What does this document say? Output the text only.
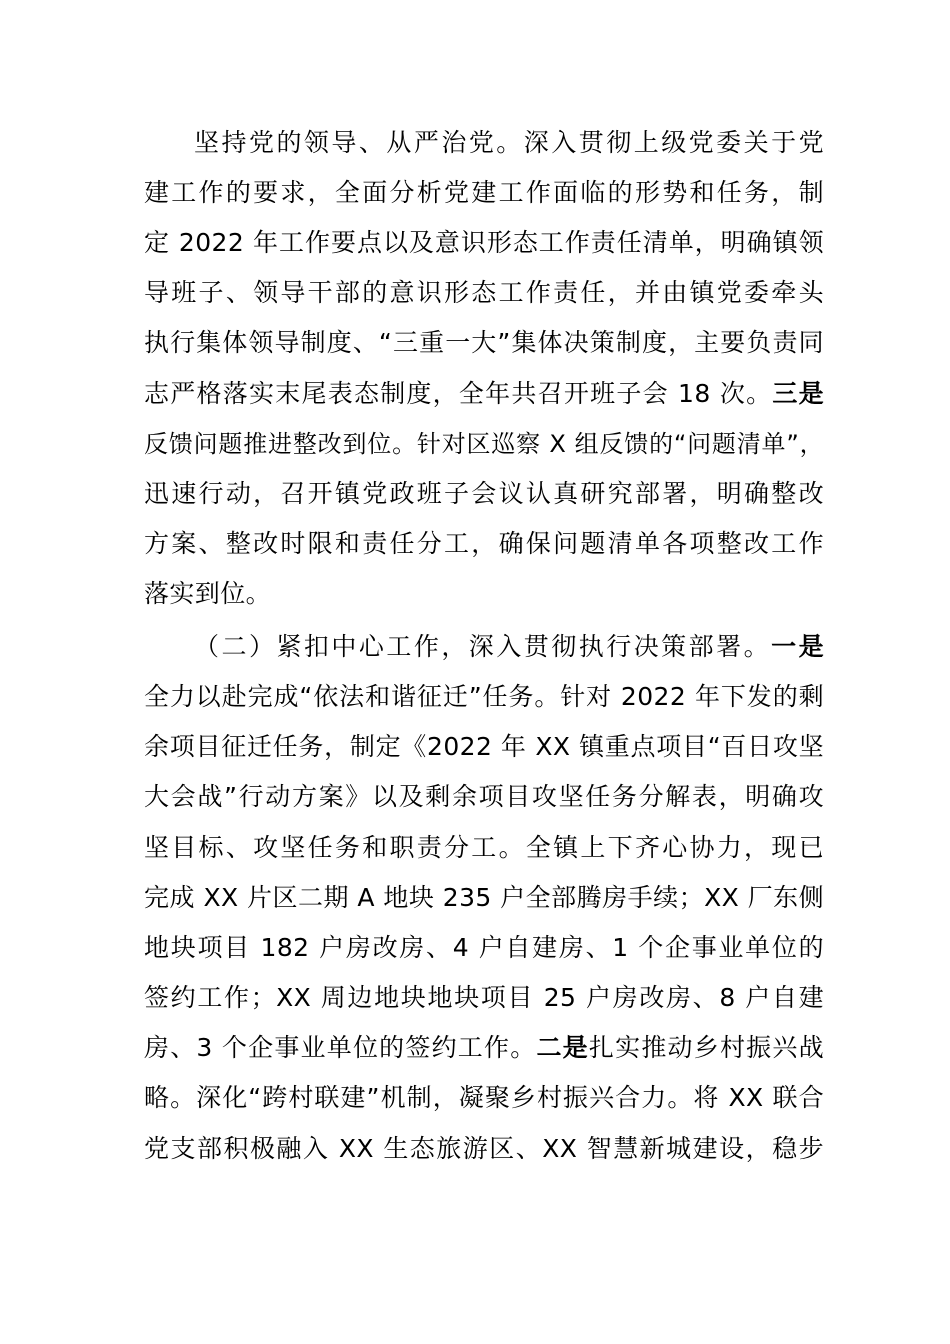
坚持党的领导、从严治党。深入贯彻上级党委关于党
建工作的要求，全面分析党建工作面临的形势和任务，制
定 2022 年工作要点以及意识形态工作责任清单，明确镇领
导班子、领导干部的意识形态工作责任，并由镇党委牵头
执行集体领导制度、“三重一大”集体决策制度，主要负责同
志严格落实末尾表态制度，全年共召开班子会 18 次。三是
反馈问题推进整改到位。针对区巡察 X 组反馈的“问题清单”，
迅速行动，召开镇党政班子会议认真研究部署，明确整改
方案、整改时限和责任分工，确保问题清单各项整改工作
落实到位。
（二）紧扣中心工作，深入贯彻执行决策部署。一是
全力以赴完成“依法和谐征迁”任务。针对 2022 年下发的剩
余项目征迁任务，制定《2022 年 XX 镇重点项目“百日攻坚
大会战”行动方案》以及剩余项目攻坚任务分解表，明确攻
坚目标、攻坚任务和职责分工。全镇上下齐心协力，现已
完成 XX 片区二期 A 地块 235 户全部腾房手续；XX 厂东侧
地块项目 182 户房改房、4 户自建房、1 个企事业单位的
签约工作；XX 周边地块地块项目 25 户房改房、8 户自建
房、3 个企事业单位的签约工作。二是扎实推动乡村振兴战
略。深化“跨村联建”机制，凝聚乡村振兴合力。将 XX 联合
党支部积极融入 XX 生态旅游区、XX 智慧新城建设，稳步
